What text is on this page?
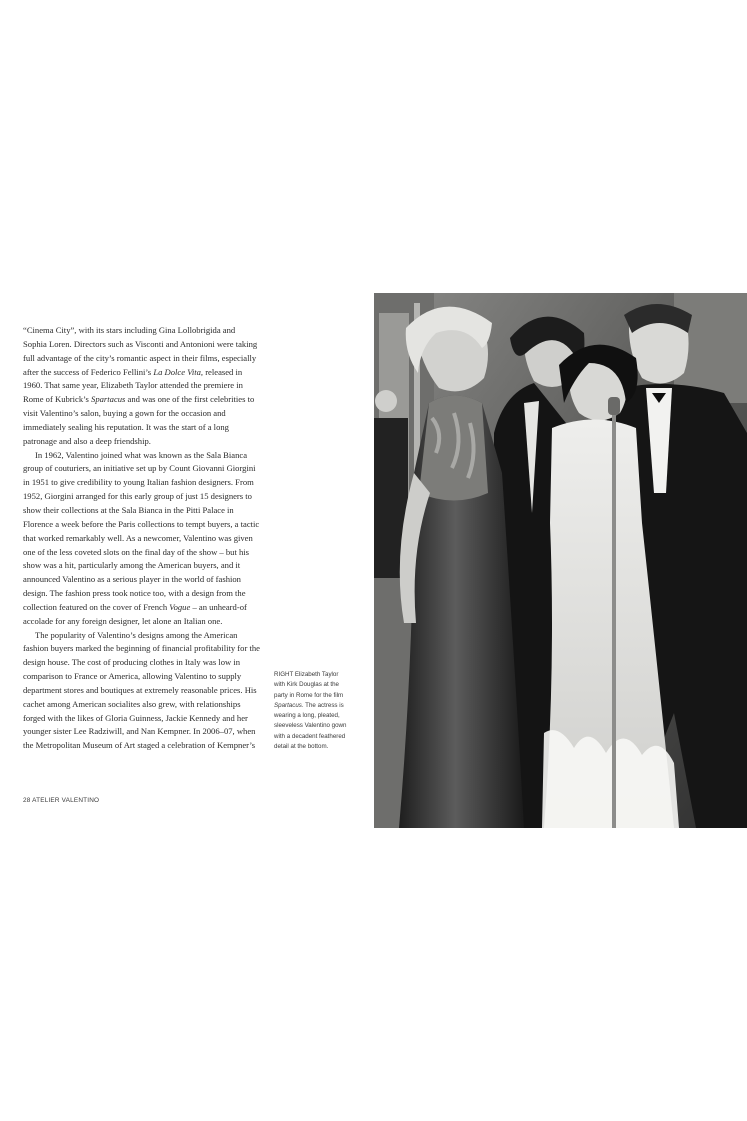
“Cinema City”, with its stars including Gina Lollobrigida and Sophia Loren. Directors such as Visconti and Antonioni were taking full advantage of the city’s romantic aspect in their films, especially after the success of Federico Fellini’s La Dolce Vita, released in 1960. That same year, Elizabeth Taylor attended the premiere in Rome of Kubrick’s Spartacus and was one of the first celebrities to visit Valentino’s salon, buying a gown for the occasion and immediately sealing his reputation. It was the start of a long patronage and also a deep friendship.

In 1962, Valentino joined what was known as the Sala Bianca group of couturiers, an initiative set up by Count Giovanni Giorgini in 1951 to give credibility to young Italian fashion designers. From 1952, Giorgini arranged for this early group of just 15 designers to show their collections at the Sala Bianca in the Pitti Palace in Florence a week before the Paris collections to tempt buyers, a tactic that worked remarkably well. As a newcomer, Valentino was given one of the less coveted slots on the final day of the show – but his show was a hit, particularly among the American buyers, and it announced Valentino as a serious player in the world of fashion design. The fashion press took notice too, with a design from the collection featured on the cover of French Vogue – an unheard-of accolade for any foreign designer, let alone an Italian one.

The popularity of Valentino’s designs among the American fashion buyers marked the beginning of financial profitability for the design house. The cost of producing clothes in Italy was low in comparison to France or America, allowing Valentino to supply department stores and boutiques at extremely reasonable prices. His cachet among American socialites also grew, with relationships forged with the likes of Gloria Guinness, Jackie Kennedy and her younger sister Lee Radziwill, and Nan Kempner. In 2006–07, when the Metropolitan Museum of Art staged a celebration of Kempner’s

RIGHT Elizabeth Taylor with Kirk Douglas at the party in Rome for the film Spartacus. The actress is wearing a long, pleated, sleeveless Valentino gown with a decadent feathered detail at the bottom.
28 ATELIER VALENTINO
